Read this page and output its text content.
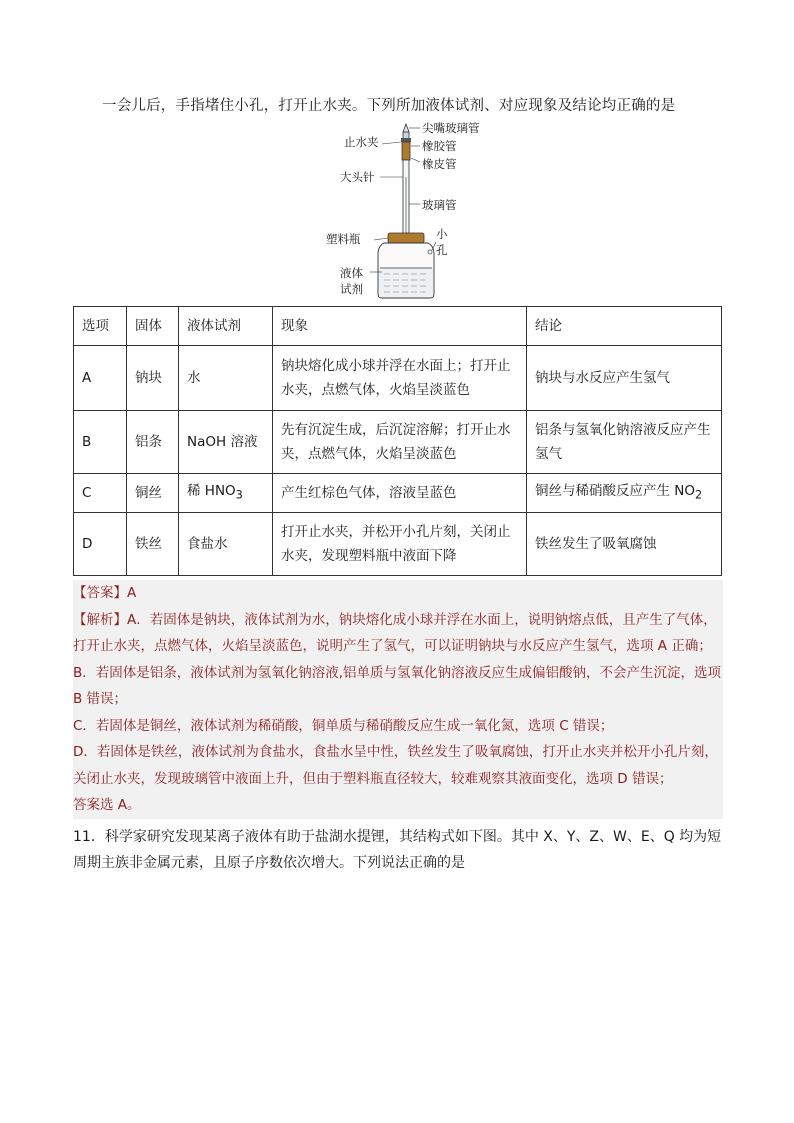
一会儿后，手指堵住小孔，打开止水夹。下列所加液体试剂、对应现象及结论均正确的是
尖嘴玻璃管
止水夹	橡胶管
橡皮管
大头针
玻璃管
塑料瓶	小
孔
液体
试剂
选项	固体	液体试剂	现象	结论
A	钠块	水	钠块熔化成小球并浮在水面上；打开止水夹，点燃气体，火焰呈淡蓝色	钠块与水反应产生氢气
B	铝条	NaOH 溶液	先有沉淀生成，后沉淀溶解；打开止水夹，点燃气体，火焰呈淡蓝色	铝条与氢氧化钠溶液反应产生氢气
C	铜丝	稀 $HNO_3$	产生红棕色气体，溶液呈蓝色	铜丝与稀硝酸反应产生 $NO_2$
D	铁丝	食盐水	打开止水夹，并松开小孔片刻，关闭止水夹，发现塑料瓶中液面下降	铁丝发生了吸氧腐蚀

【答案】A

【解析】A．若固体是钠块，液体试剂为水，钠块熔化成小球并浮在水面上，说明钠熔点低，且产生了气体，打开止水夹，点燃气体，火焰呈淡蓝色，说明产生了氢气，可以证明钠块与水反应产生氢气，选项 A 正确；

B．若固体是铝条，液体试剂为氢氧化钠溶液,铝单质与氢氧化钠溶液反应生成偏铝酸钠，不会产生沉淀，选项 B 错误；

C．若固体是铜丝，液体试剂为稀硝酸，铜单质与稀硝酸反应生成一氧化氮，选项 C 错误；

D．若固体是铁丝，液体试剂为食盐水，食盐水呈中性，铁丝发生了吸氧腐蚀，打开止水夹并松开小孔片刻，关闭止水夹，发现玻璃管中液面上升，但由于塑料瓶直径较大，较难观察其液面变化，选项 D 错误；

答案选 A。

11．科学家研究发现某离子液体有助于盐湖水提锂，其结构式如下图。其中 X、Y、Z、W、E、Q 均为短周期主族非金属元素，且原子序数依次增大。下列说法正确的是
